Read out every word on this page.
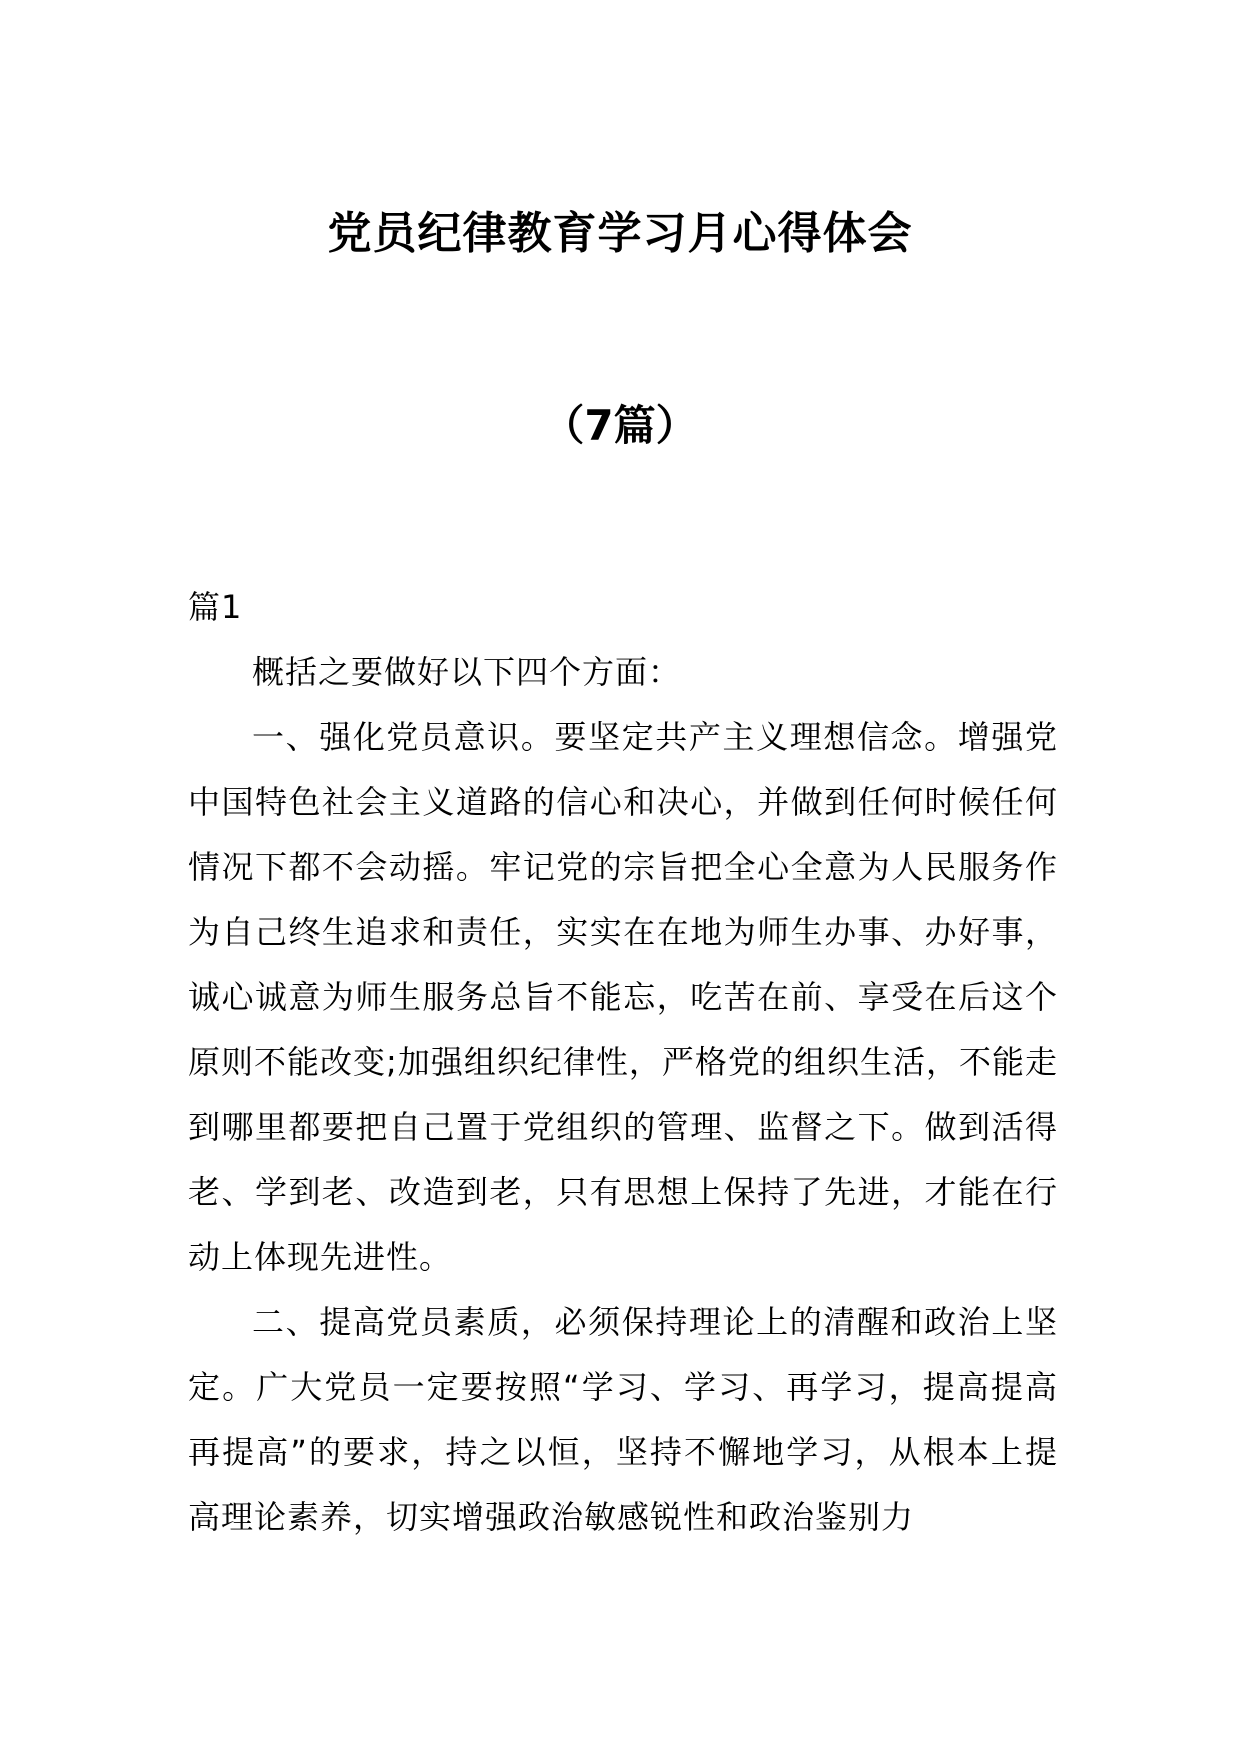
党员纪律教育学习月心得体会
（7篇）

篇1

概括之要做好以下四个方面：

一、强化党员意识。要坚定共产主义理想信念。增强党中国特色社会主义道路的信心和决心，并做到任何时候任何情况下都不会动摇。牢记党的宗旨把全心全意为人民服务作为自己终生追求和责任，实实在在地为师生办事、办好事，诚心诚意为师生服务总旨不能忘，吃苦在前、享受在后这个原则不能改变;加强组织纪律性，严格党的组织生活，不能走到哪里都要把自己置于党组织的管理、监督之下。做到活得老、学到老、改造到老，只有思想上保持了先进，才能在行动上体现先进性。

二、提高党员素质，必须保持理论上的清醒和政治上坚定。广大党员一定要按照“学习、学习、再学习，提高提高再提高”的要求，持之以恒，坚持不懈地学习，从根本上提高理论素养，切实增强政治敏感锐性和政治鉴别力
